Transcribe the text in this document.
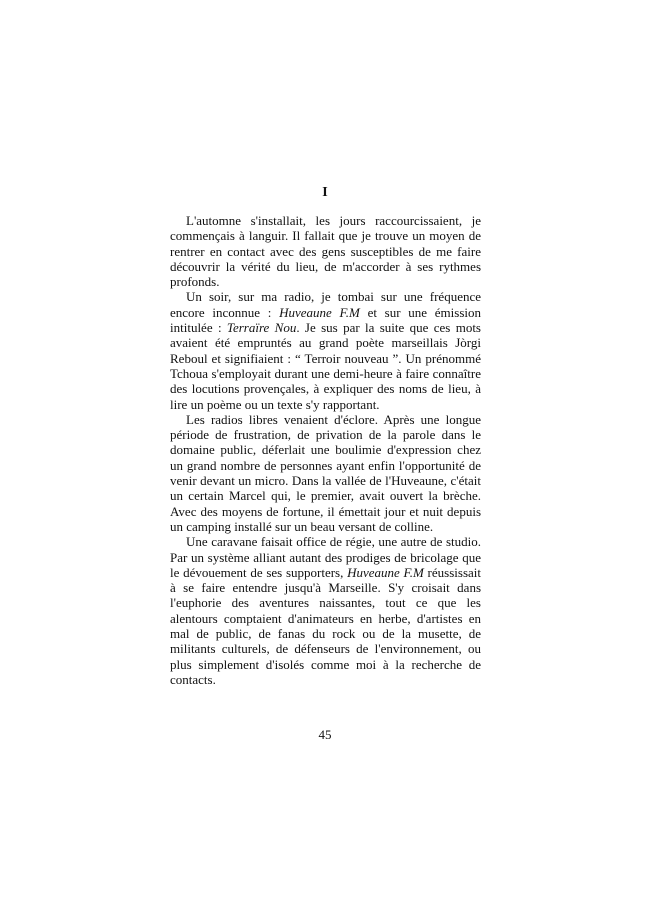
I

L'automne s'installait, les jours raccourcissaient, je commençais à languir. Il fallait que je trouve un moyen de rentrer en contact avec des gens susceptibles de me faire découvrir la vérité du lieu, de m'accorder à ses rythmes profonds.

Un soir, sur ma radio, je tombai sur une fréquence encore inconnue : Huveaune F.M et sur une émission intitulée : Terraïre Nou. Je sus par la suite que ces mots avaient été empruntés au grand poète marseillais Jòrgi Reboul et signifiaient : “ Terroir nouveau ”. Un prénommé Tchoua s'employait durant une demi-heure à faire connaître des locutions provençales, à expliquer des noms de lieu, à lire un poème ou un texte s'y rapportant.

Les radios libres venaient d'éclore. Après une longue période de frustration, de privation de la parole dans le domaine public, déferlait une boulimie d'expression chez un grand nombre de personnes ayant enfin l'opportunité de venir devant un micro. Dans la vallée de l'Huveaune, c'était un certain Marcel qui, le premier, avait ouvert la brèche. Avec des moyens de fortune, il émettait jour et nuit depuis un camping installé sur un beau versant de colline.

Une caravane faisait office de régie, une autre de studio. Par un système alliant autant des prodiges de bricolage que le dévouement de ses supporters, Huveaune F.M réussissait à se faire entendre jusqu'à Marseille. S'y croisait dans l'euphorie des aventures naissantes, tout ce que les alentours comptaient d'animateurs en herbe, d'artistes en mal de public, de fanas du rock ou de la musette, de militants culturels, de défenseurs de l'environnement, ou plus simplement d'isolés comme moi à la recherche de contacts.

45
